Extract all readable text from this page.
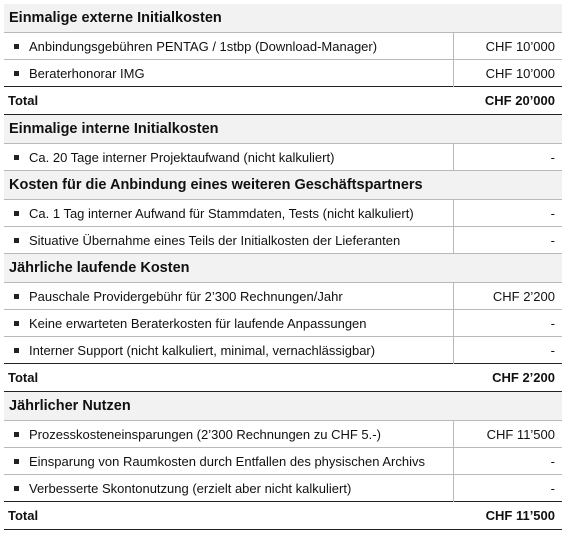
Einmalige externe Initialkosten	
Anbindungsgebühren PENTAG / 1stbp (Download-Manager)	CHF 10’000
Beraterhonorar IMG	CHF 10’000
Total	CHF 20’000
Einmalige interne Initialkosten	
Ca. 20 Tage interner Projektaufwand (nicht kalkuliert)	-
Kosten für die Anbindung eines weiteren Geschäftspartners	
Ca. 1 Tag interner Aufwand für Stammdaten, Tests (nicht kalkuliert)	-
Situative Übernahme eines Teils der Initialkosten der Lieferanten	-
Jährliche laufende Kosten	
Pauschale Providergebühr für 2’300 Rechnungen/Jahr	CHF 2’200
Keine erwarteten Beraterkosten für laufende Anpassungen	-
Interner Support (nicht kalkuliert, minimal, vernachlässigbar)	-
Total	CHF 2’200
Jährlicher Nutzen	
Prozesskosteneinsparungen (2’300 Rechnungen zu CHF 5.-)	CHF 11’500
Einsparung von Raumkosten durch Entfallen des physischen Archivs	-
Verbesserte Skontonutzung (erzielt aber nicht kalkuliert)	-
Total	CHF 11’500
